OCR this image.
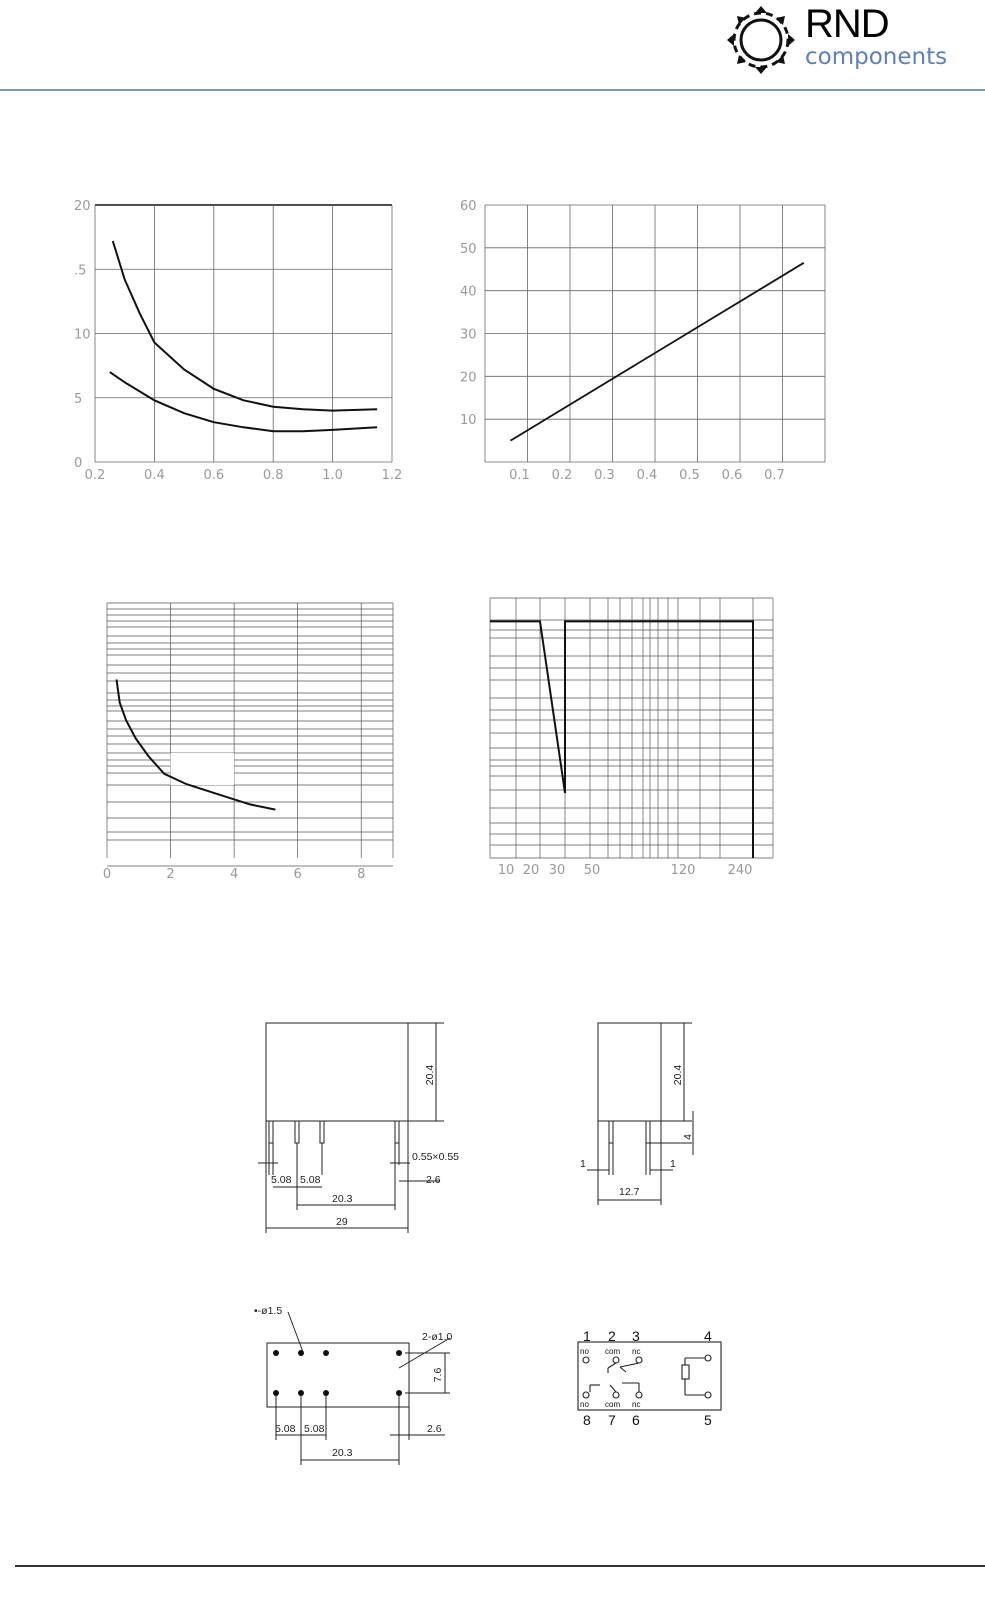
RND
components
0.2	0.4	0.6	0.8	1.0	1.2
0
5
10
.5
20
0.1 0.2 0.3 0.4 0.5 0.6 0.7
10
20
30
40
50
60
0	2	4	6	8	10 20 30 50	120 240
20.4
0.55×0.55
5.08 5.08	2.6
20.3
29
20.4
4
1	1
12.7
•-ø1.5
2-ø1.0
7.6
5.08 5.08	2.6
20.3
1 2 3	4
8 7 6	5
no com nc
no com nc
